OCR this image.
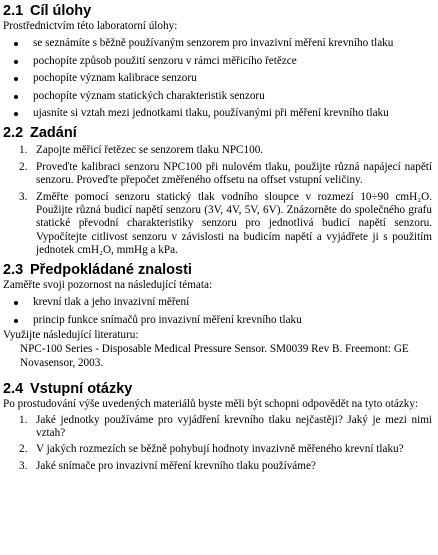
2.1 Cíl úlohy

Prostřednictvím této laboratorní úlohy:

se seznámíte s běžně používaným senzorem pro invazivní měření krevního tlaku
pochopíte způsob použití senzoru v rámci měřicího řetězce
pochopíte význam kalibrace senzoru
pochopíte význam statických charakteristik senzoru
ujasníte si vztah mezi jednotkami tlaku, používanými při měření krevního tlaku
2.2 Zadání
1. Zapojte měřicí řetězec se senzorem tlaku NPC100.
2. Proveďte kalibraci senzoru NPC100 při nulovém tlaku, použijte různá napájecí napětí senzoru. Proveďte přepočet změřeného offsetu na offset vstupní veličiny.
3. Změřte pomocí senzoru statický tlak vodního sloupce v rozmezí 10÷90 cmH₂O. Použijte různá budicí napětí senzoru (3V, 4V, 5V, 6V). Znázorněte do společného grafu statické převodní charakteristiky senzoru pro jednotlivá budicí napětí senzoru. Vypočítejte citlivost senzoru v závislosti na budicím napětí a vyjádřete ji s použitím jednotek cmH₂O, mmHg a kPa.
2.3 Předpokládané znalosti

Zaměřte svoji pozornost na následující témata:

krevní tlak a jeho invazivní měření
princip funkce snímačů pro invazivní měření krevního tlaku

Využijte následující literaturu:

NPC-100 Series - Disposable Medical Pressure Sensor. SM0039 Rev B. Freemont: GE Novasensor, 2003.

2.4 Vstupní otázky

Po prostudování výše uvedených materiálů byste měli být schopni odpovědět na tyto otázky:

1. Jaké jednotky používáme pro vyjádření krevního tlaku nejčastěji? Jaký je mezi nimi vztah?
2. V jakých rozmezích se běžně pohybují hodnoty invazivně měřeného krevní tlaku?
3. Jaké snímače pro invazivní měření krevního tlaku používáme?
